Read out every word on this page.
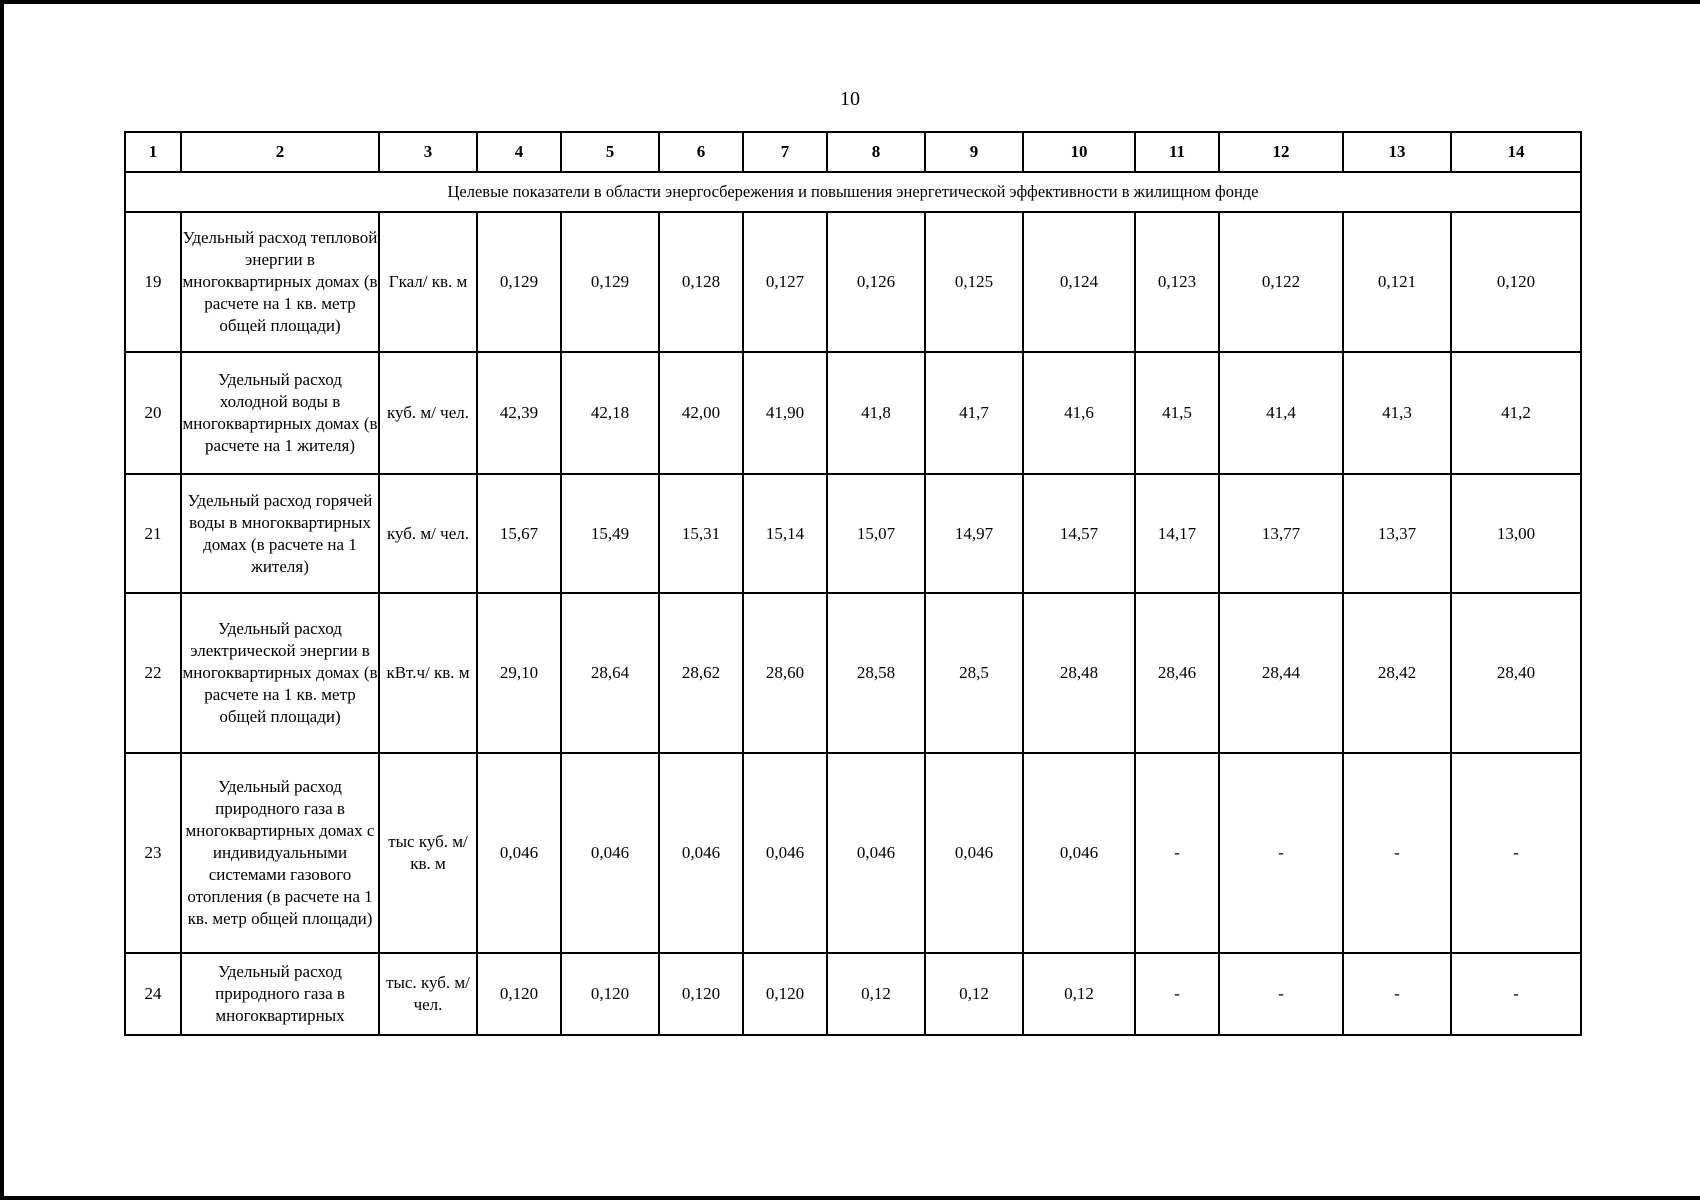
10
1	2	3	4	5	6	7	8	9	10	11	12	13	14
Целевые показатели в области энергосбережения и повышения энергетической эффективности в жилищном фонде													
19	Удельный расход тепловой энергии в многоквартирных домах (в расчете на 1 кв. метр общей площади)	Гкал/ кв. м	0,129	0,129	0,128	0,127	0,126	0,125	0,124	0,123	0,122	0,121	0,120
20	Удельный расход холодной воды в многоквартирных домах (в расчете на 1 жителя)	куб. м/ чел.	42,39	42,18	42,00	41,90	41,8	41,7	41,6	41,5	41,4	41,3	41,2
21	Удельный расход горячей воды в многоквартирных домах (в расчете на 1 жителя)	куб. м/ чел.	15,67	15,49	15,31	15,14	15,07	14,97	14,57	14,17	13,77	13,37	13,00
22	Удельный расход электрической энергии в многоквартирных домах (в расчете на 1 кв. метр общей площади)	кВт.ч/ кв. м	29,10	28,64	28,62	28,60	28,58	28,5	28,48	28,46	28,44	28,42	28,40
23	Удельный расход природного газа в многоквартирных домах с индивидуальными системами газового отопления (в расчете на 1 кв. метр общей площади)	тыс куб. м/кв. м	0,046	0,046	0,046	0,046	0,046	0,046	0,046	-	-	-	-
24	Удельный расход природного газа в многоквартирных	тыс. куб. м/чел.	0,120	0,120	0,120	0,120	0,12	0,12	0,12	-	-	-	-
